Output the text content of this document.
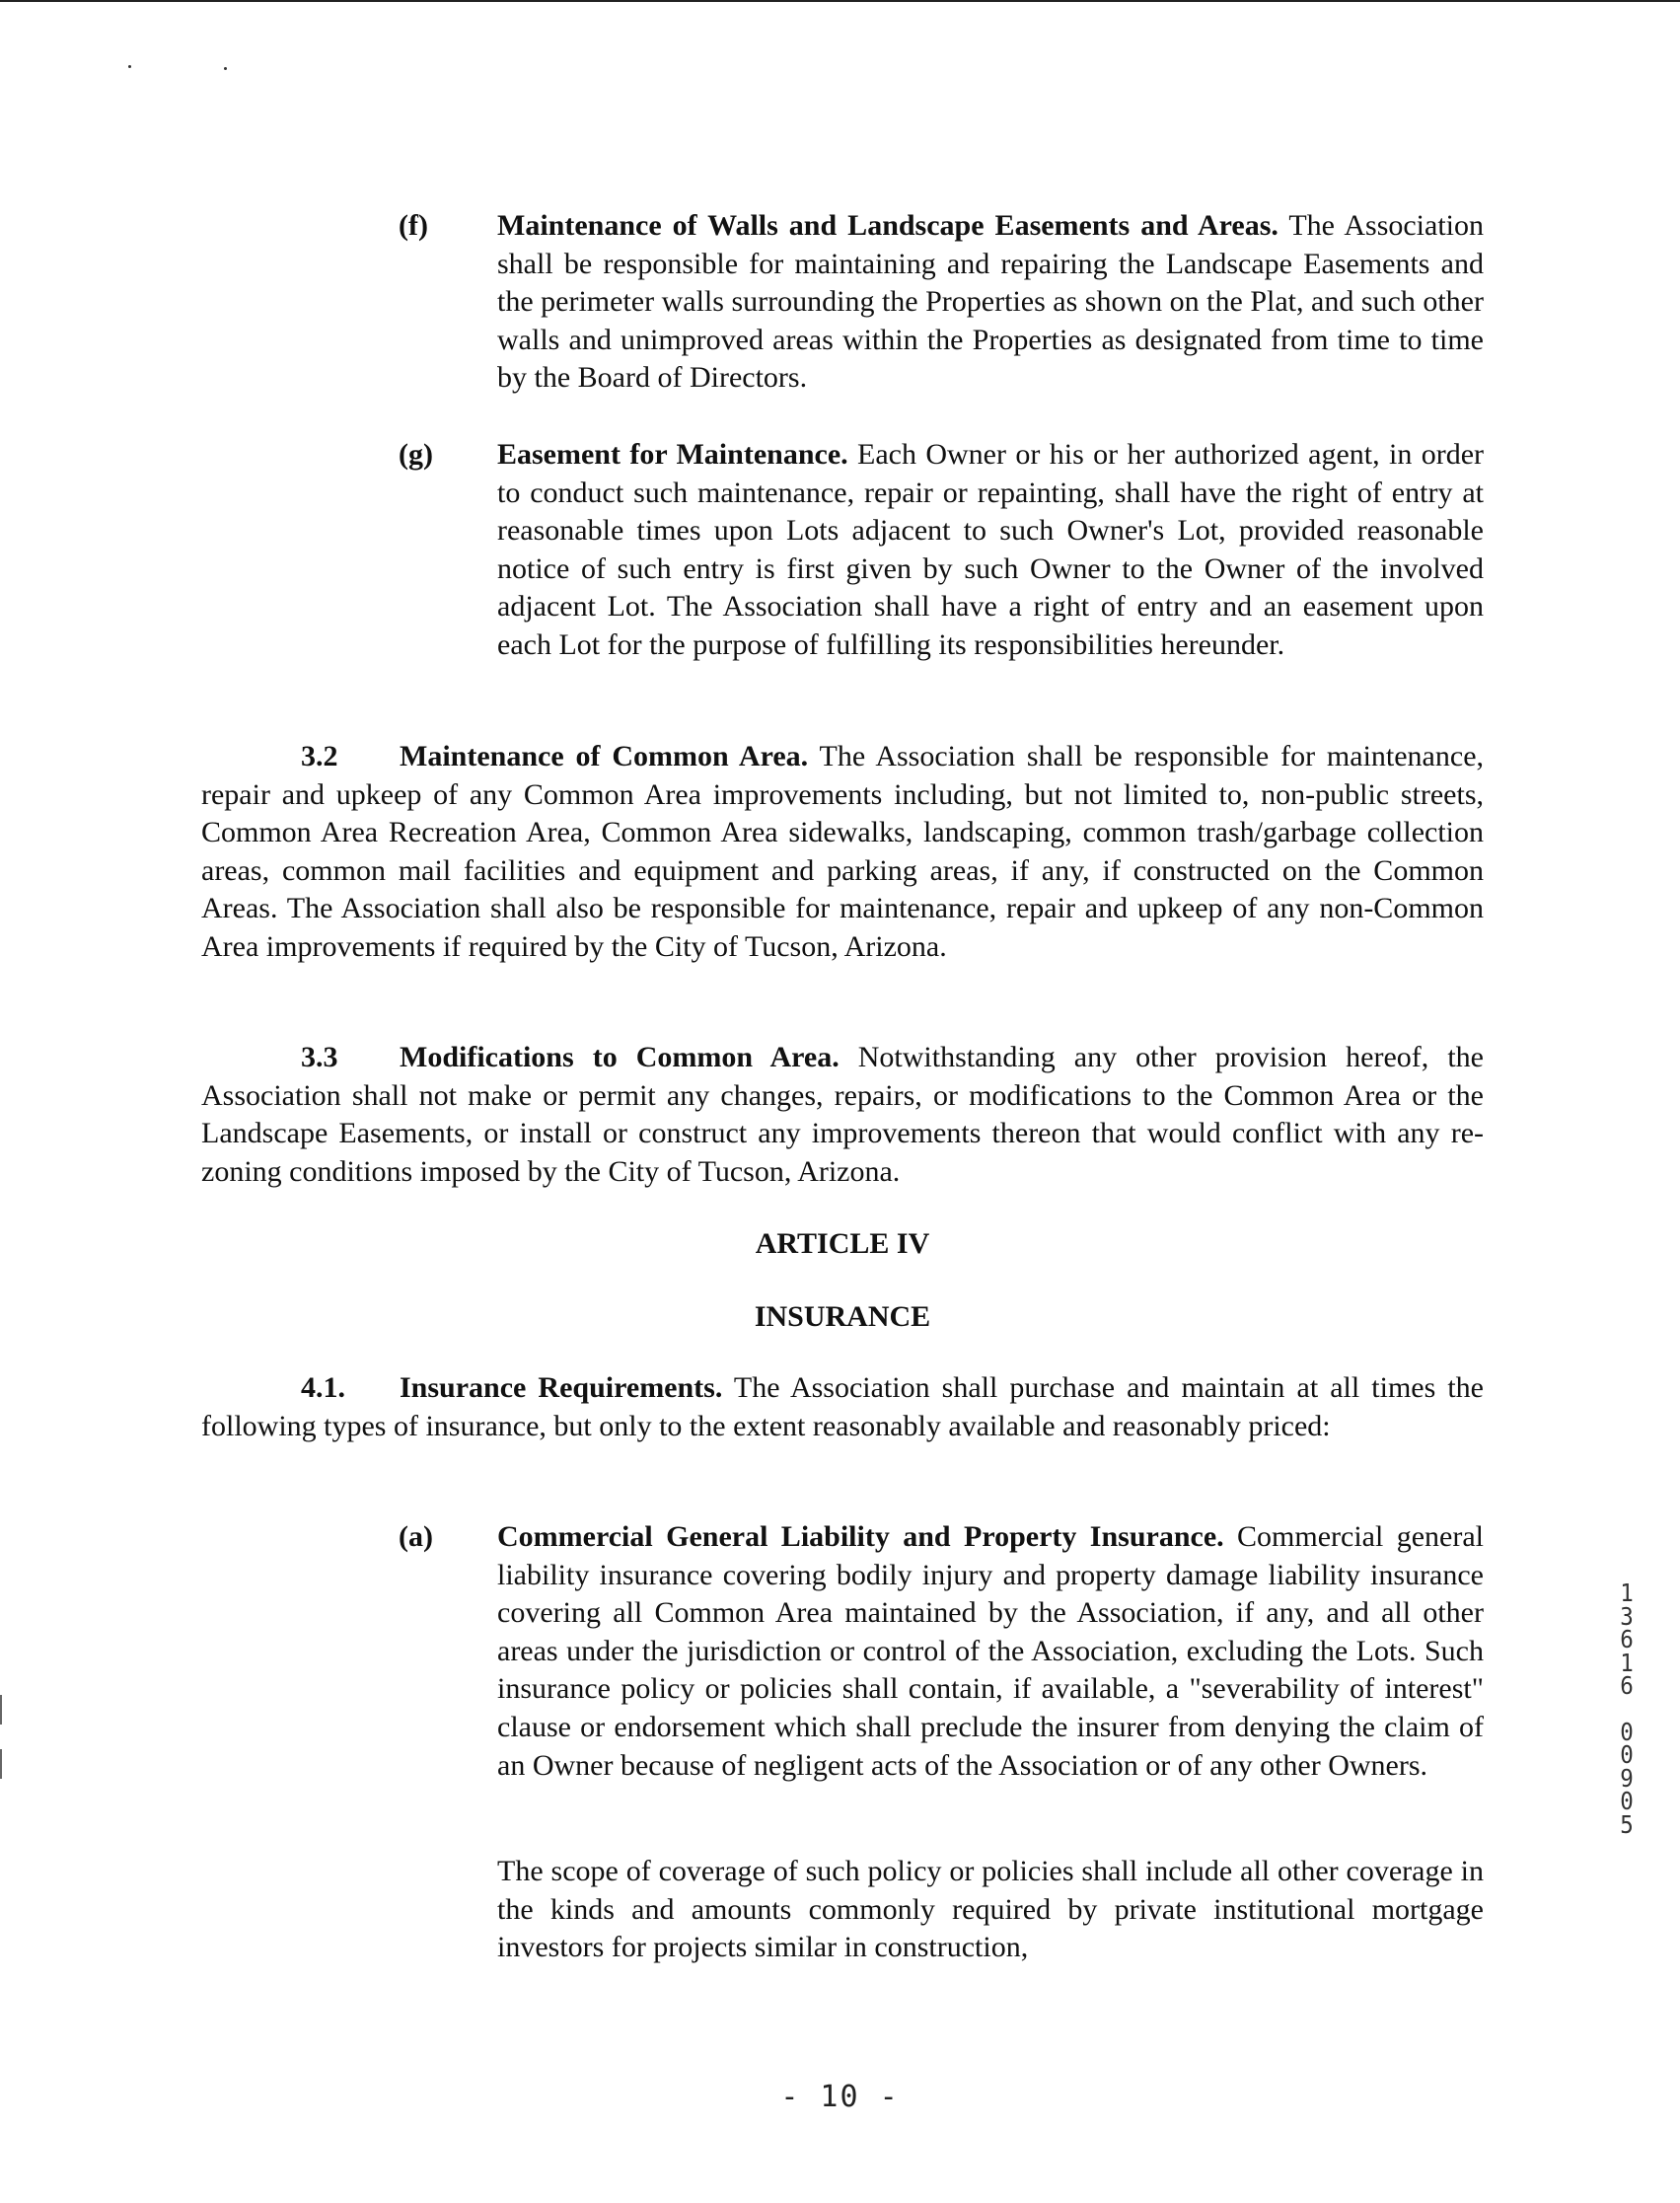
(f) Maintenance of Walls and Landscape Easements and Areas. The Association shall be responsible for maintaining and repairing the Landscape Easements and the perimeter walls surrounding the Properties as shown on the Plat, and such other walls and unimproved areas within the Properties as designated from time to time by the Board of Directors.
(g) Easement for Maintenance. Each Owner or his or her authorized agent, in order to conduct such maintenance, repair or repainting, shall have the right of entry at reasonable times upon Lots adjacent to such Owner's Lot, provided reasonable notice of such entry is first given by such Owner to the Owner of the involved adjacent Lot. The Association shall have a right of entry and an easement upon each Lot for the purpose of fulfilling its responsibilities hereunder.
3.2 Maintenance of Common Area. The Association shall be responsible for maintenance, repair and upkeep of any Common Area improvements including, but not limited to, non-public streets, Common Area Recreation Area, Common Area sidewalks, landscaping, common trash/garbage collection areas, common mail facilities and equipment and parking areas, if any, if constructed on the Common Areas. The Association shall also be responsible for maintenance, repair and upkeep of any non-Common Area improvements if required by the City of Tucson, Arizona.
3.3 Modifications to Common Area. Notwithstanding any other provision hereof, the Association shall not make or permit any changes, repairs, or modifications to the Common Area or the Landscape Easements, or install or construct any improvements thereon that would conflict with any re-zoning conditions imposed by the City of Tucson, Arizona.
ARTICLE IV
INSURANCE
4.1. Insurance Requirements. The Association shall purchase and maintain at all times the following types of insurance, but only to the extent reasonably available and reasonably priced:
(a) Commercial General Liability and Property Insurance. Commercial general liability insurance covering bodily injury and property damage liability insurance covering all Common Area maintained by the Association, if any, and all other areas under the jurisdiction or control of the Association, excluding the Lots. Such insurance policy or policies shall contain, if available, a "severability of interest" clause or endorsement which shall preclude the insurer from denying the claim of an Owner because of negligent acts of the Association or of any other Owners.
The scope of coverage of such policy or policies shall include all other coverage in the kinds and amounts commonly required by private institutional mortgage investors for projects similar in construction,
1
3
6
1
6
0
0
9
0
5
- 10 -
